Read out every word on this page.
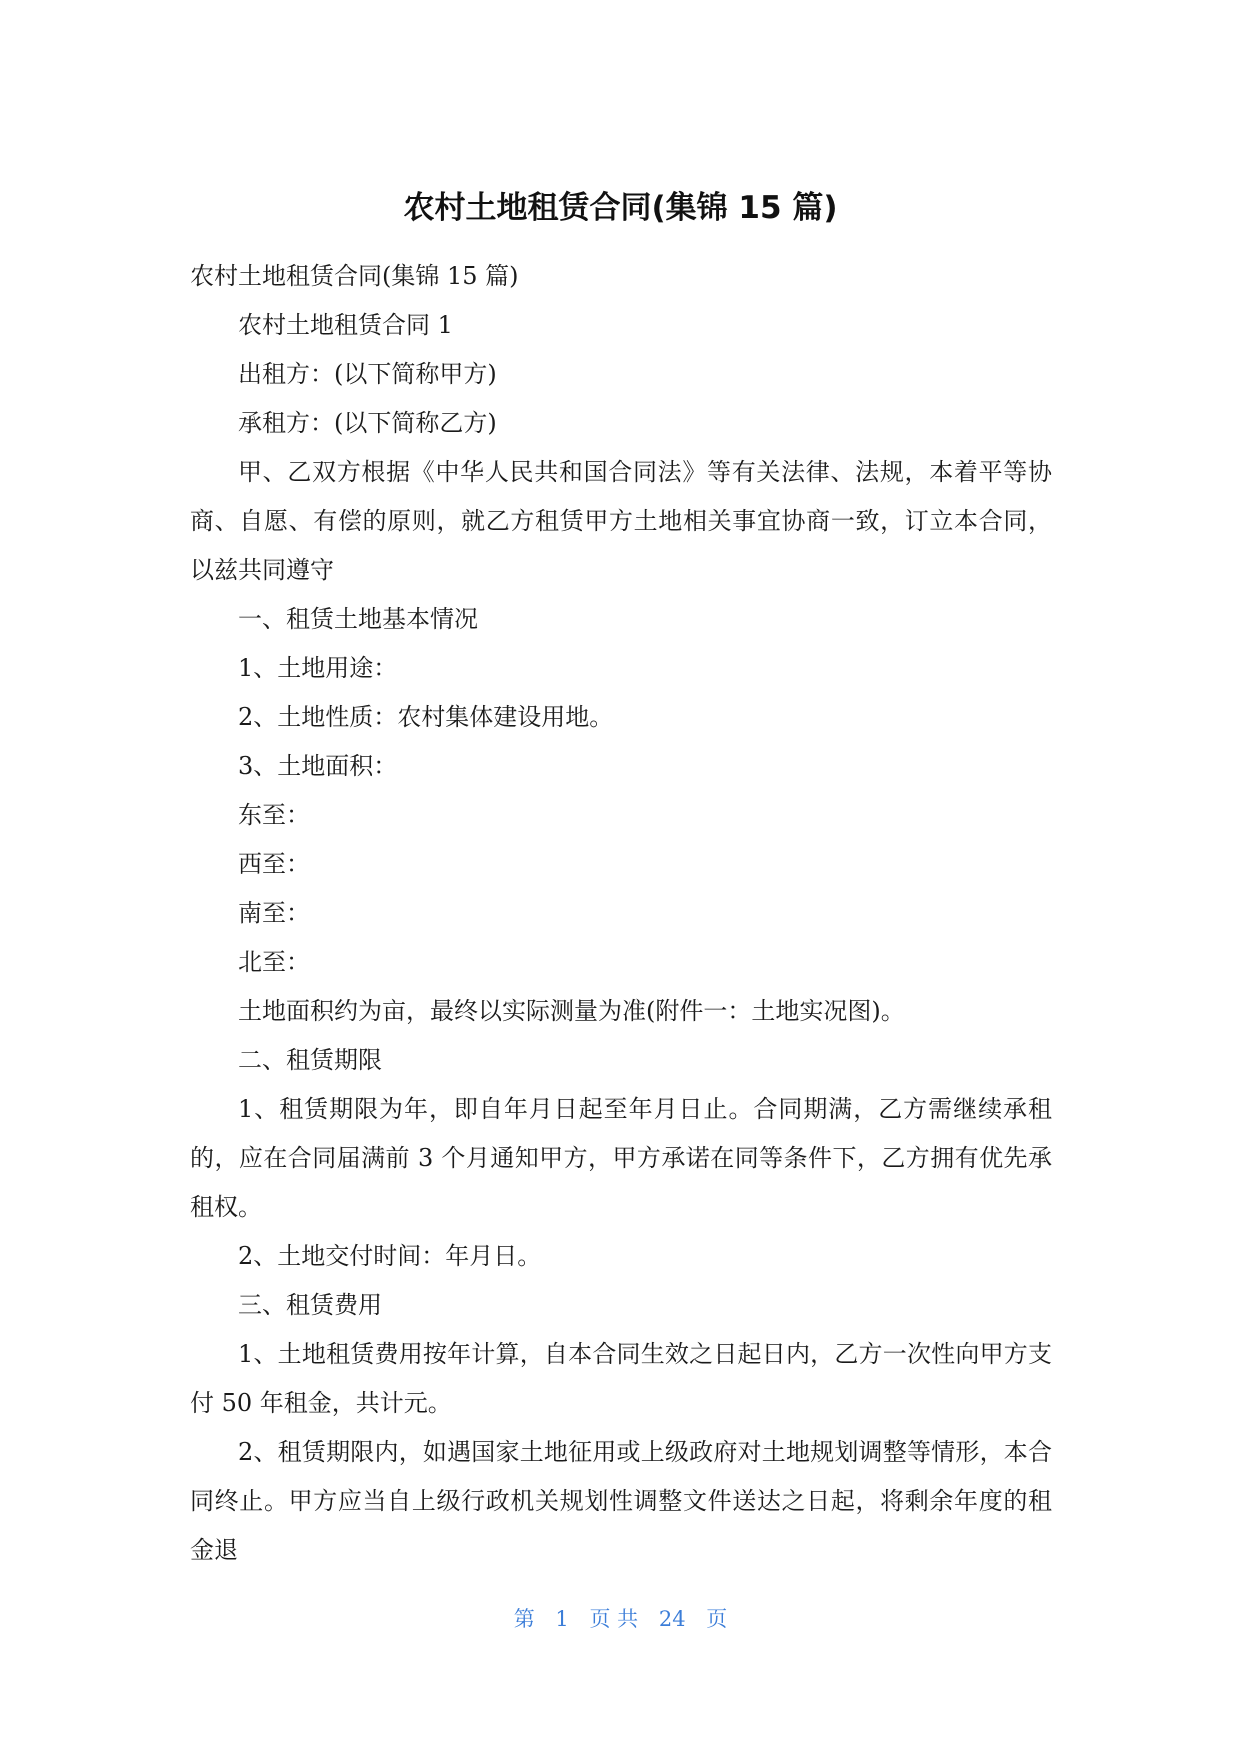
农村土地租赁合同(集锦 15 篇)

农村土地租赁合同(集锦 15 篇)

农村土地租赁合同 1

出租方：(以下简称甲方)

承租方：(以下简称乙方)

甲、乙双方根据《中华人民共和国合同法》等有关法律、法规，本着平等协商、自愿、有偿的原则，就乙方租赁甲方土地相关事宜协商一致，订立本合同，以兹共同遵守

一、租赁土地基本情况

1、土地用途：

2、土地性质：农村集体建设用地。

3、土地面积：

东至：

西至：

南至：

北至：

土地面积约为亩，最终以实际测量为准(附件一：土地实况图)。

二、租赁期限

1、租赁期限为年，即自年月日起至年月日止。合同期满，乙方需继续承租的，应在合同届满前 3 个月通知甲方，甲方承诺在同等条件下，乙方拥有优先承租权。

2、土地交付时间：年月日。

三、租赁费用

1、土地租赁费用按年计算，自本合同生效之日起日内，乙方一次性向甲方支付 50 年租金，共计元。

2、租赁期限内，如遇国家土地征用或上级政府对土地规划调整等情形，本合同终止。甲方应当自上级行政机关规划性调整文件送达之日起，将剩余年度的租金退

第 1 页 共 24 页
